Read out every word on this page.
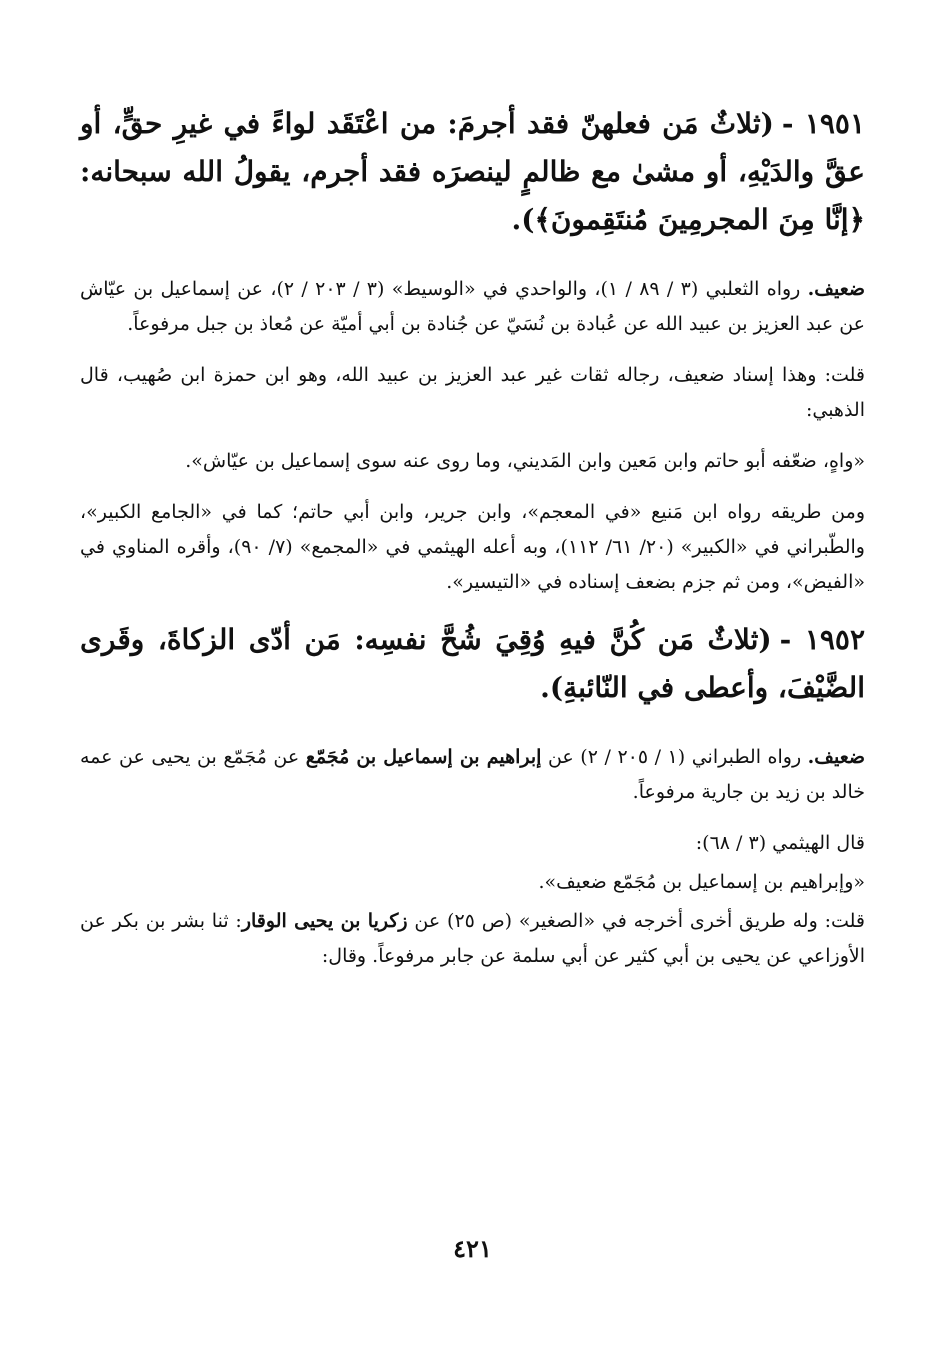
١٩٥١ -(ثلاثٌ مَن فعلهنّ فقد أجرمَ: من اعْتَقَد لواءً في غيرِ حقٍّ، أو عقَّ والدَيْهِ، أو مشىٰ مع ظالمٍ لينصرَه فقد أجرم، يقولُ الله سبحانه: ﴿إنَّا مِنَ المجرمِينَ مُنتَقِمونَ﴾).

ضعيف. رواه الثعلبي (٣ / ٨٩ / ١)، والواحدي في «الوسيط» (٣ / ٢٠٣ / ٢)، عن إسماعيل بن عيّاش عن عبد العزيز بن عبيد الله عن عُبادة بن نُسَيّ عن جُنادة بن أبي أميّة عن مُعاذ بن جبل مرفوعاً.

قلت: وهذا إسناد ضعيف، رجاله ثقات غير عبد العزيز بن عبيد الله، وهو ابن حمزة ابن صُهيب، قال الذهبي:

«واهٍ، ضعّفه أبو حاتم وابن مَعين وابن المَديني، وما روى عنه سوى إسماعيل بن عيّاش».

ومن طريقه رواه ابن مَنيع «في المعجم»، وابن جرير، وابن أبي حاتم؛ كما في «الجامع الكبير»، والطّبراني في «الكبير» (٢٠/ ٦١/ ١١٢)، وبه أعله الهيثمي في «المجمع» (٧/ ٩٠)، وأقره المناوي في «الفيض»، ومن ثم جزم بضعف إسناده في «التيسير».

١٩٥٢ -(ثلاثٌ مَن كُنَّ فيهِ وُقِيَ شُحَّ نفسِه: مَن أدّى الزكاةَ، وقَرى الضَّيْفَ، وأعطى في النّائبةِ).

ضعيف. رواه الطبراني (١ / ٢٠٥ / ٢) عن إبراهيم بن إسماعيل بن مُجَمّع عن مُجَمّع بن يحيى عن عمه خالد بن زيد بن جارية مرفوعاً.

قال الهيثمي (٣ / ٦٨):

«وإبراهيم بن إسماعيل بن مُجَمّع ضعيف».

قلت: وله طريق أخرى أخرجه في «الصغير» (ص ٢٥) عن زكريا بن يحيى الوقار: ثنا بشر بن بكر عن الأوزاعي عن يحيى بن أبي كثير عن أبي سلمة عن جابر مرفوعاً. وقال:

٤٢١
